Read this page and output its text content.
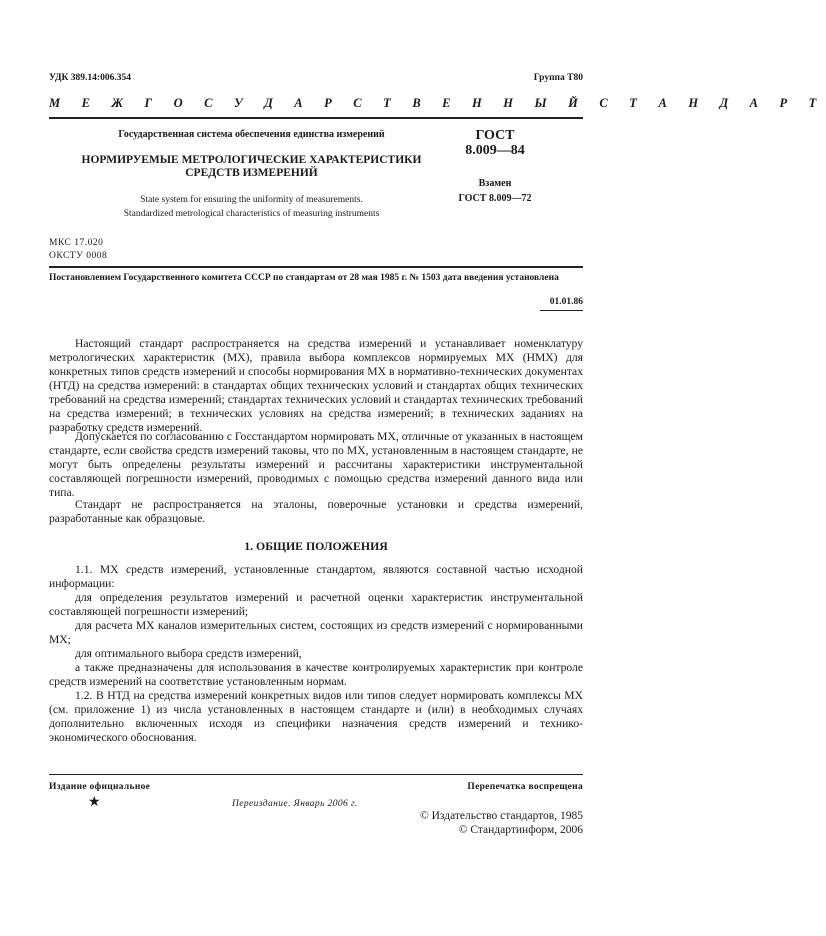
УДК 389.14:006.354	Группа Т80
М Е Ж Г О С У Д А Р С Т В Е Н Н Ы Й С Т А Н Д А Р Т
Государственная система обеспечения единства измерений
НОРМИРУЕМЫЕ МЕТРОЛОГИЧЕСКИЕ ХАРАКТЕРИСТИКИ
СРЕДСТВ ИЗМЕРЕНИЙ
State system for ensuring the uniformity of measurements.
Standardized metrological characteristics of measuring instruments
ГОСТ
8.009—84
Взамен
ГОСТ 8.009—72
МКС 17.020
ОКСТУ 0008
Постановлением Государственного комитета СССР по стандартам от 28 мая 1985 г. № 1503 дата введения установлена
01.01.86

Настоящий стандарт распространяется на средства измерений и устанавливает номенклатуру метрологических характеристик (МХ), правила выбора комплексов нормируемых МХ (НМХ) для конкретных типов средств измерений и способы нормирования МХ в нормативно-технических документах (НТД) на средства измерений: в стандартах общих технических условий и стандартах общих технических требований на средства измерений; стандартах технических условий и стандартах технических требований на средства измерений; в технических условиях на средства измерений; в технических заданиях на разработку средств измерений.

Допускается по согласованию с Госстандартом нормировать МХ, отличные от указанных в настоящем стандарте, если свойства средств измерений таковы, что по МХ, установленным в настоящем стандарте, не могут быть определены результаты измерений и рассчитаны характеристики инструментальной составляющей погрешности измерений, проводимых с помощью средства измерений данного вида или типа.

Стандарт не распространяется на эталоны, поверочные установки и средства измерений, разработанные как образцовые.

1. ОБЩИЕ ПОЛОЖЕНИЯ

1.1. МХ средств измерений, установленные стандартом, являются составной частью исходной информации:

для определения результатов измерений и расчетной оценки характеристик инструментальной составляющей погрешности измерений;

для расчета МХ каналов измерительных систем, состоящих из средств измерений с нормированными МХ;

для оптимального выбора средств измерений,

а также предназначены для использования в качестве контролируемых характеристик при контроле средств измерений на соответствие установленным нормам.

1.2. В НТД на средства измерений конкретных видов или типов следует нормировать комплексы МХ (см. приложение 1) из числа установленных в настоящем стандарте и (или) в необходимых случаях дополнительно включенных исходя из специфики назначения средств измерений и технико-экономического обоснования.

Издание официальное	Перепечатка воспрещена
★	Переиздание. Январь 2006 г.
© Издательство стандартов, 1985
© Стандартинформ, 2006
